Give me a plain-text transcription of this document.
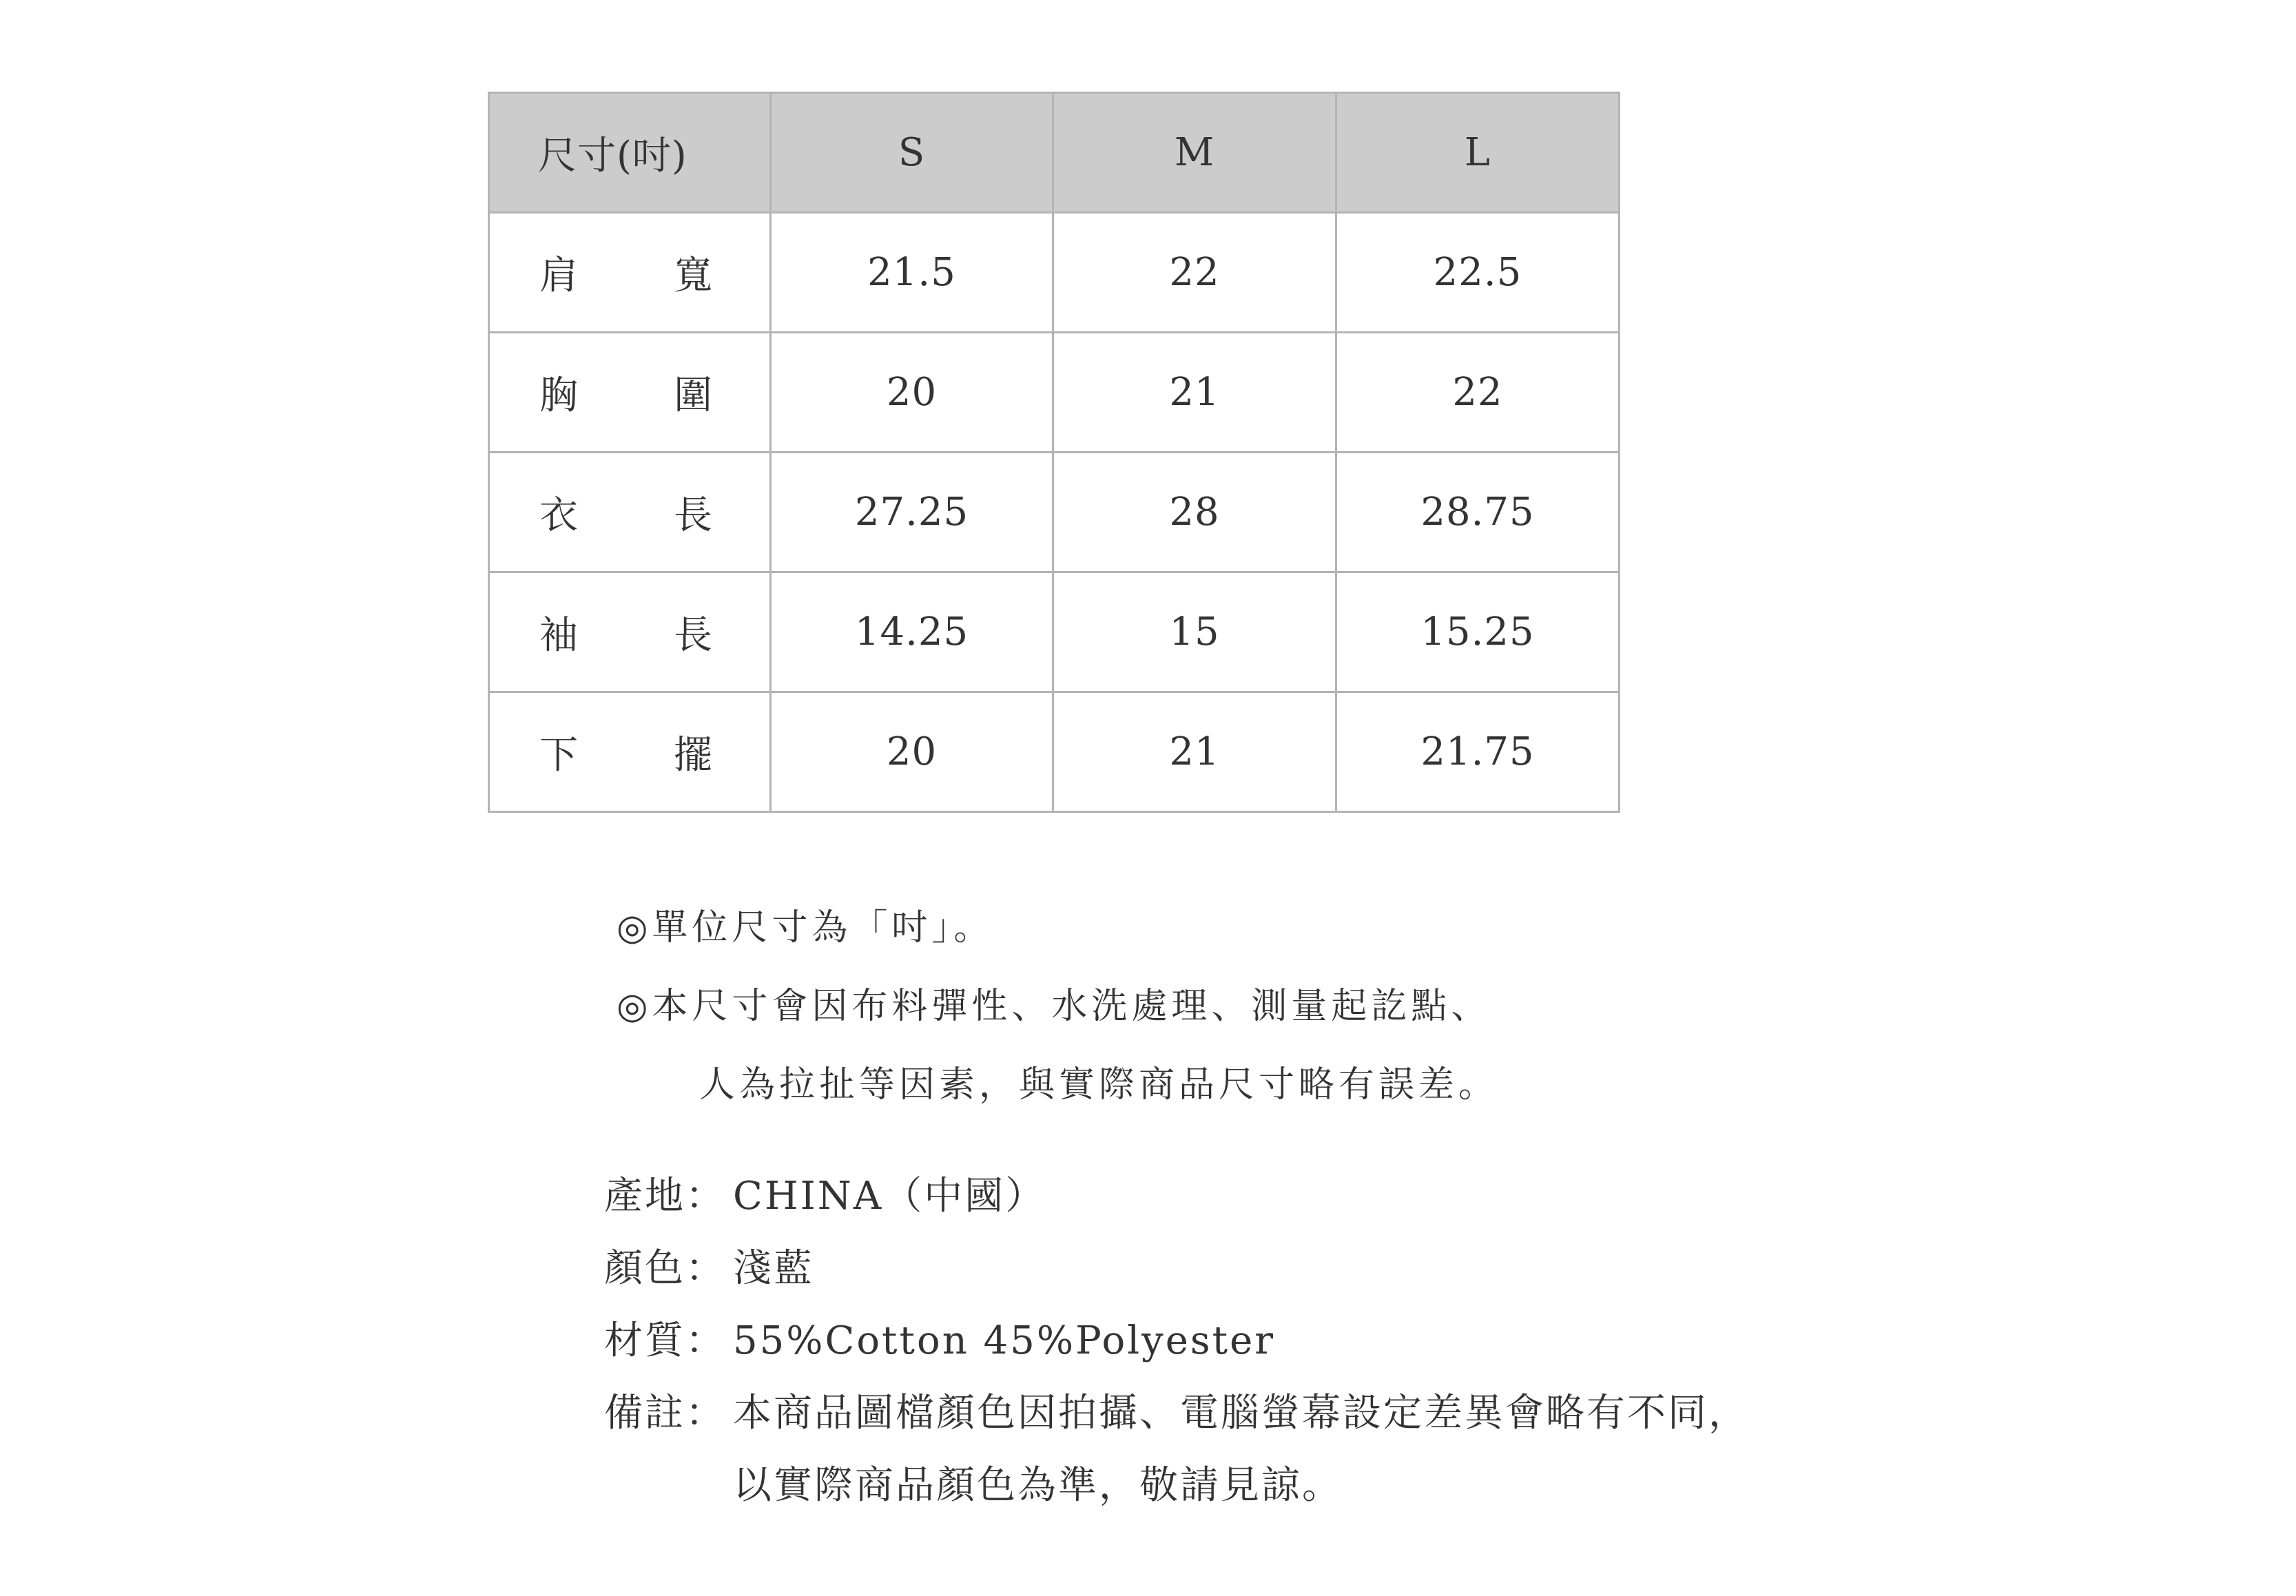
尺寸(吋)	S	M	L

肩 寬	21.5	22	22.5

胸 圍	20	21	22

衣 長	27.25	28	28.75

袖 長	14.25	15	15.25

下 擺	20	21	21.75
◎單位尺寸為「吋」。
◎本尺寸會因布料彈性、水洗處理、測量起訖點、
人為拉扯等因素，與實際商品尺寸略有誤差。
產地： CHINA（中國）
顏色： 淺藍
材質： 55%Cotton 45%Polyester
備註： 本商品圖檔顏色因拍攝、電腦螢幕設定差異會略有不同，
以實際商品顏色為準，敬請見諒。
